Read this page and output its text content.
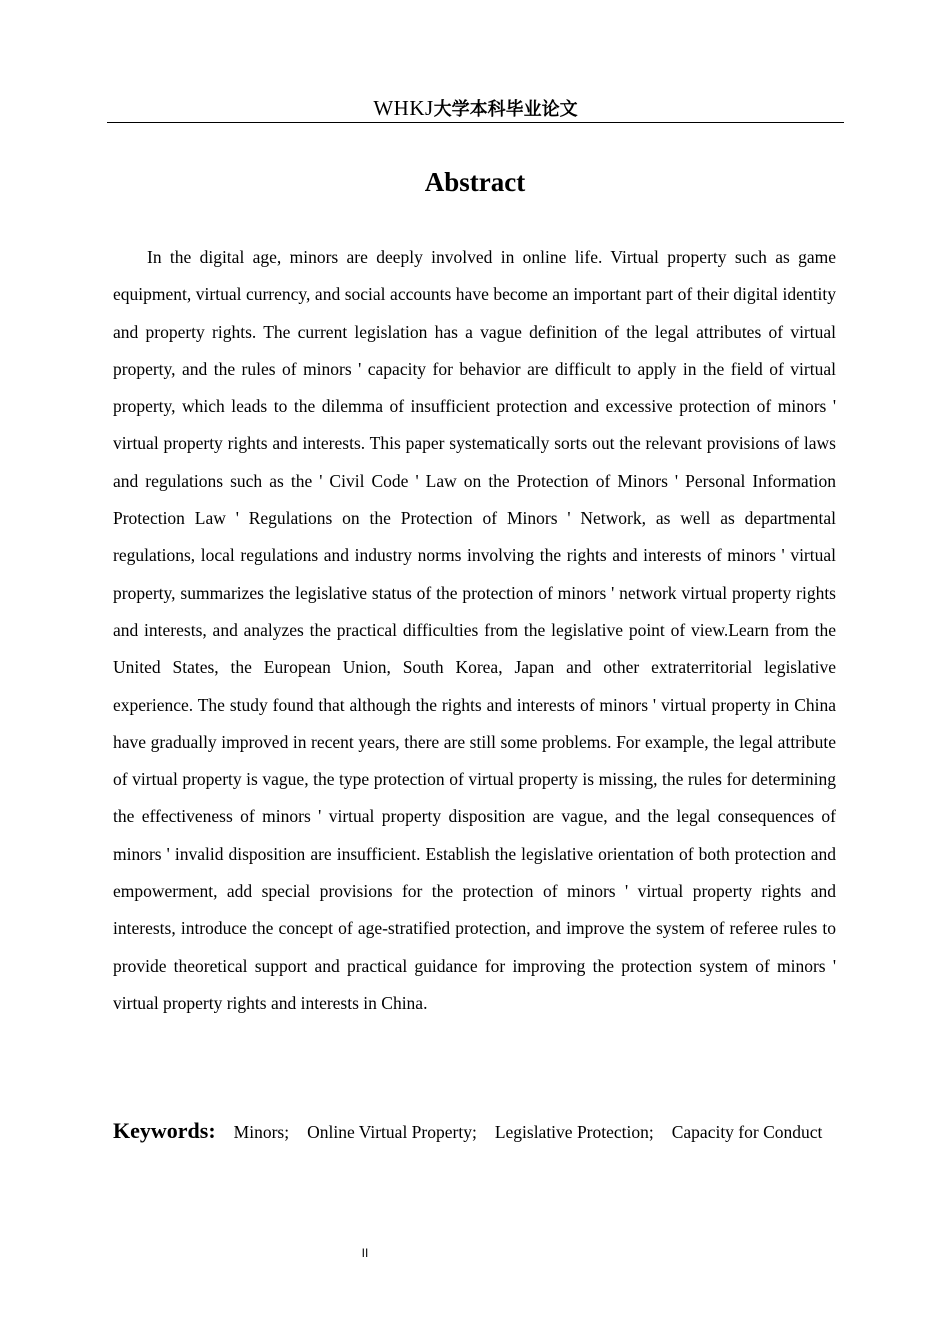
WHKJ大学本科毕业论文
Abstract

In the digital age, minors are deeply involved in online life. Virtual property such as game equipment, virtual currency, and social accounts have become an important part of their digital identity and property rights. The current legislation has a vague definition of the legal attributes of virtual property, and the rules of minors ' capacity for behavior are difficult to apply in the field of virtual property, which leads to the dilemma of insufficient protection and excessive protection of minors ' virtual property rights and interests. This paper systematically sorts out the relevant provisions of laws and regulations such as the ' Civil Code ' Law on the Protection of Minors ' Personal Information Protection Law ' Regulations on the Protection of Minors ' Network, as well as departmental regulations, local regulations and industry norms involving the rights and interests of minors ' virtual property, summarizes the legislative status of the protection of minors ' network virtual property rights and interests, and analyzes the practical difficulties from the legislative point of view.Learn from the United States, the European Union, South Korea, Japan and other extraterritorial legislative experience. The study found that although the rights and interests of minors ' virtual property in China have gradually improved in recent years, there are still some problems. For example, the legal attribute of virtual property is vague, the type protection of virtual property is missing, the rules for determining the effectiveness of minors ' virtual property disposition are vague, and the legal consequences of minors ' invalid disposition are insufficient. Establish the legislative orientation of both protection and empowerment, add special provisions for the protection of minors ' virtual property rights and interests, introduce the concept of age-stratified protection, and improve the system of referee rules to provide theoretical support and practical guidance for improving the protection system of minors ' virtual property rights and interests in China.

Keywords: Minors; Online Virtual Property; Legislative Protection; Capacity for Conduct

II
